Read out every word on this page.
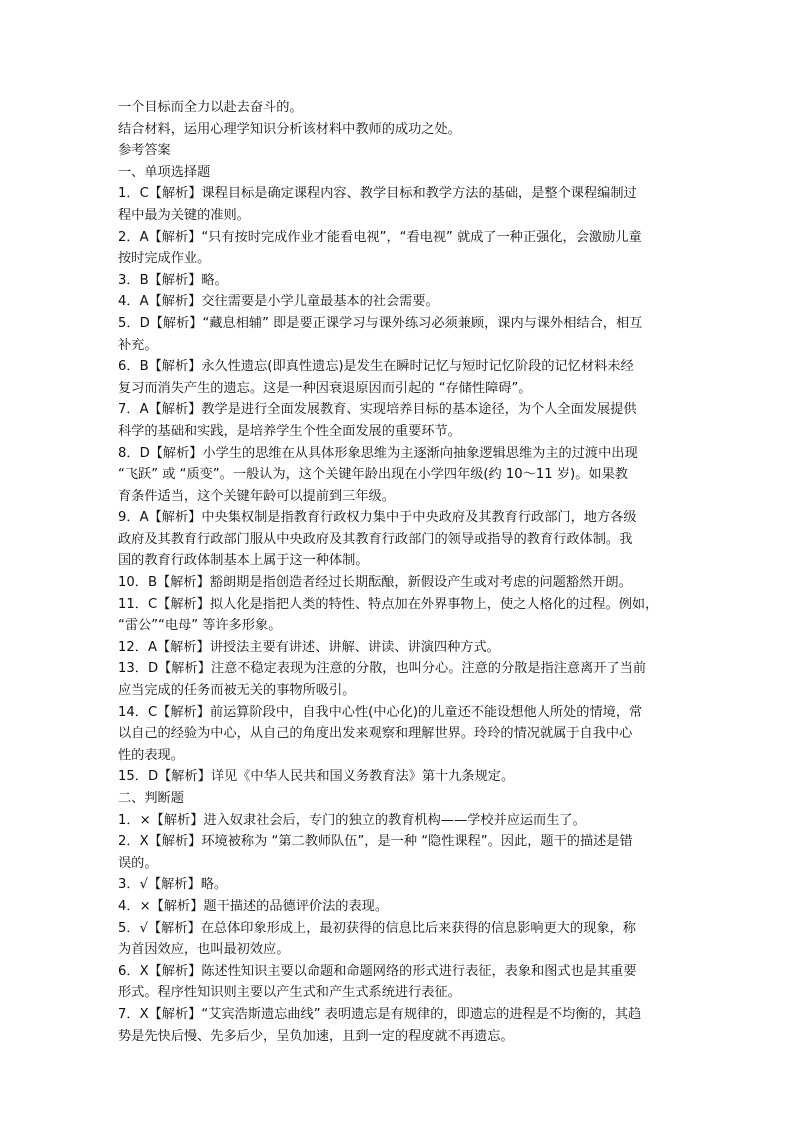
一个目标而全力以赴去奋斗的。

结合材料，运用心理学知识分析该材料中教师的成功之处。

参考答案

一、单项选择题

1．C【解析】课程目标是确定课程内容、教学目标和教学方法的基础，是整个课程编制过

程中最为关键的准则。

2．A【解析】“只有按时完成作业才能看电视”，“看电视” 就成了一种正强化，会激励儿童

按时完成作业。

3．B【解析】略。

4．A【解析】交往需要是小学儿童最基本的社会需要。

5．D【解析】“藏息相辅” 即是要正课学习与课外练习必须兼顾，课内与课外相结合，相互

补充。

6．B【解析】永久性遗忘(即真性遗忘)是发生在瞬时记忆与短时记忆阶段的记忆材料未经

复习而消失产生的遗忘。这是一种因衰退原因而引起的 “存储性障碍”。

7．A【解析】教学是进行全面发展教育、实现培养目标的基本途径，为个人全面发展提供

科学的基础和实践，是培养学生个性全面发展的重要环节。

8．D【解析】小学生的思维在从具体形象思维为主逐渐向抽象逻辑思维为主的过渡中出现

“飞跃” 或 “质变”。一般认为，这个关键年龄出现在小学四年级(约 10～11 岁)。如果教

育条件适当，这个关键年龄可以提前到三年级。

9．A【解析】中央集权制是指教育行政权力集中于中央政府及其教育行政部门，地方各级

政府及其教育行政部门服从中央政府及其教育行政部门的领导或指导的教育行政体制。我

国的教育行政体制基本上属于这一种体制。

10．B【解析】豁朗期是指创造者经过长期酝酿，新假设产生或对考虑的问题豁然开朗。

11．C【解析】拟人化是指把人类的特性、特点加在外界事物上，使之人格化的过程。例如，

“雷公”“电母” 等许多形象。

12．A【解析】讲授法主要有讲述、讲解、讲读、讲演四种方式。

13．D【解析】注意不稳定表现为注意的分散，也叫分心。注意的分散是指注意离开了当前

应当完成的任务而被无关的事物所吸引。

14．C【解析】前运算阶段中，自我中心性(中心化)的儿童还不能设想他人所处的情境，常

以自己的经验为中心，从自己的角度出发来观察和理解世界。玲玲的情况就属于自我中心

性的表现。

15．D【解析】详见《中华人民共和国义务教育法》第十九条规定。

二、判断题

1．×【解析】进入奴隶社会后，专门的独立的教育机构——学校并应运而生了。

2．X【解析】环境被称为 “第二教师队伍”，是一种 “隐性课程”。因此，题干的描述是错

误的。

3．√【解析】略。

4．×【解析】题干描述的品德评价法的表现。

5．√【解析】在总体印象形成上，最初获得的信息比后来获得的信息影响更大的现象，称

为首因效应，也叫最初效应。

6．X【解析】陈述性知识主要以命题和命题网络的形式进行表征，表象和图式也是其重要

形式。程序性知识则主要以产生式和产生式系统进行表征。

7．X【解析】“艾宾浩斯遗忘曲线” 表明遗忘是有规律的，即遗忘的进程是不均衡的，其趋

势是先快后慢、先多后少，呈负加速，且到一定的程度就不再遗忘。
